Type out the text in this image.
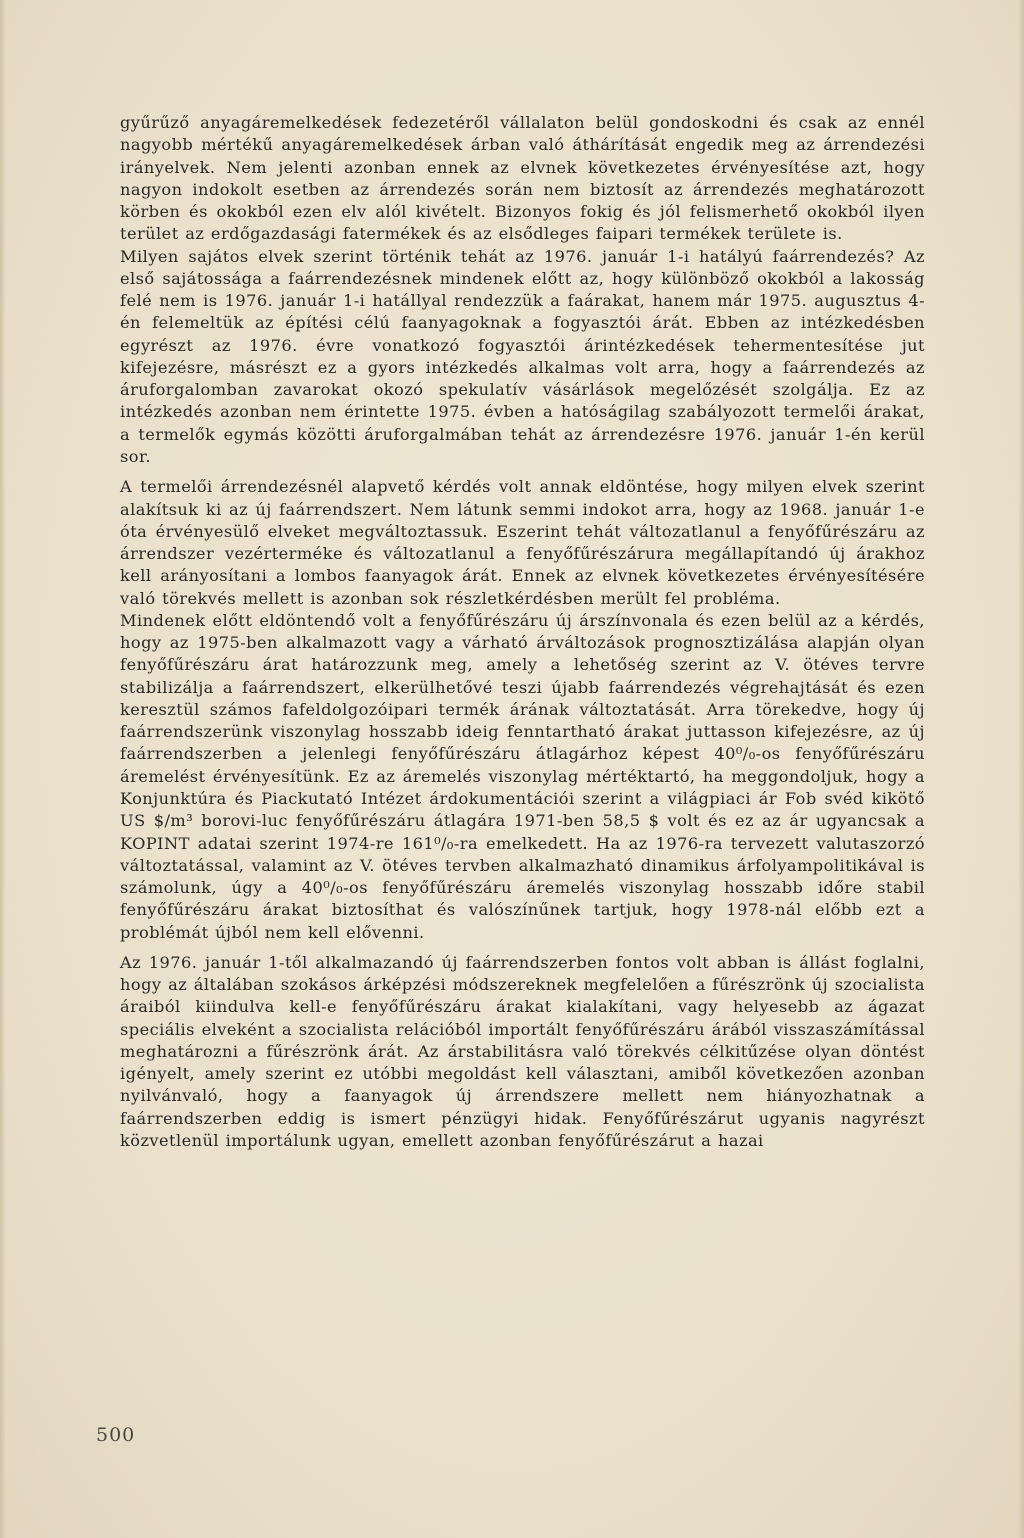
gyűrűző anyagáremelkedések fedezetéről vállalaton belül gondoskodni és csak az ennél nagyobb mértékű anyagáremelkedések árban való áthárítását engedik meg az árrendezési irányelvek. Nem jelenti azonban ennek az elvnek következetes érvényesítése azt, hogy nagyon indokolt esetben az árrendezés során nem biztosít az árrendezés meghatározott körben és okokból ezen elv alól kivételt. Bizonyos fokig és jól felismerhető okokból ilyen terület az erdőgazdasági fatermékek és az elsődleges faipari termékek területe is.

Milyen sajátos elvek szerint történik tehát az 1976. január 1-i hatályú faárrendezés? Az első sajátossága a faárrendezésnek mindenek előtt az, hogy különböző okokból a lakosság felé nem is 1976. január 1-i hatállyal rendezzük a faárakat, hanem már 1975. augusztus 4-én felemeltük az építési célú faanyagoknak a fogyasztói árát. Ebben az intézkedésben egyrészt az 1976. évre vonatkozó fogyasztói árintézkedések tehermentesítése jut kifejezésre, másrészt ez a gyors intézkedés alkalmas volt arra, hogy a faárrendezés az áruforgalomban zavarokat okozó spekulatív vásárlások megelőzését szolgálja. Ez az intézkedés azonban nem érintette 1975. évben a hatóságilag szabályozott termelői árakat, a termelők egymás közötti áruforgalmában tehát az árrendezésre 1976. január 1-én kerül sor.

A termelői árrendezésnél alapvető kérdés volt annak eldöntése, hogy milyen elvek szerint alakítsuk ki az új faárrendszert. Nem látunk semmi indokot arra, hogy az 1968. január 1-e óta érvényesülő elveket megváltoztassuk. Eszerint tehát változatlanul a fenyőfűrészáru az árrendszer vezérterméke és változatlanul a fenyőfűrészárura megállapítandó új árakhoz kell arányosítani a lombos faanyagok árát. Ennek az elvnek következetes érvényesítésére való törekvés mellett is azonban sok részletkérdésben merült fel probléma.

Mindenek előtt eldöntendő volt a fenyőfűrészáru új árszínvonala és ezen belül az a kérdés, hogy az 1975-ben alkalmazott vagy a várható árváltozások prognosztizálása alapján olyan fenyőfűrészáru árat határozzunk meg, amely a lehetőség szerint az V. ötéves tervre stabilizálja a faárrendszert, elkerülhetővé teszi újabb faárrendezés végrehajtását és ezen keresztül számos fafeldolgozóipari termék árának változtatását. Arra törekedve, hogy új faárrendszerünk viszonylag hosszabb ideig fenntartható árakat juttasson kifejezésre, az új faárrendszerben a jelenlegi fenyőfűrészáru átlagárhoz képest 40⁰/₀-os fenyőfűrészáru áremelést érvényesítünk. Ez az áremelés viszonylag mértéktartó, ha meggondoljuk, hogy a Konjunktúra és Piackutató Intézet árdokumentációi szerint a világpiaci ár Fob svéd kikötő US $/m³ borovi-luc fenyőfűrészáru átlagára 1971-ben 58,5 $ volt és ez az ár ugyancsak a KOPINT adatai szerint 1974-re 161⁰/₀-ra emelkedett. Ha az 1976-ra tervezett valutaszorzó változtatással, valamint az V. ötéves tervben alkalmazható dinamikus árfolyampolitikával is számolunk, úgy a 40⁰/₀-os fenyőfűrészáru áremelés viszonylag hosszabb időre stabil fenyőfűrészáru árakat biztosíthat és valószínűnek tartjuk, hogy 1978-nál előbb ezt a problémát újból nem kell elővenni.

Az 1976. január 1-től alkalmazandó új faárrendszerben fontos volt abban is állást foglalni, hogy az általában szokásos árképzési módszereknek megfelelően a fűrészrönk új szocialista áraiból kiindulva kell-e fenyőfűrészáru árakat kialakítani, vagy helyesebb az ágazat speciális elveként a szocialista relációból importált fenyőfűrészáru árából visszaszámítással meghatározni a fűrészrönk árát. Az árstabilitásra való törekvés célkitűzése olyan döntést igényelt, amely szerint ez utóbbi megoldást kell választani, amiből következően azonban nyilvánvaló, hogy a faanyagok új árrendszere mellett nem hiányozhatnak a faárrendszerben eddig is ismert pénzügyi hidak. Fenyőfűrészárut ugyanis nagyrészt közvetlenül importálunk ugyan, emellett azonban fenyőfűrészárut a hazai

500
